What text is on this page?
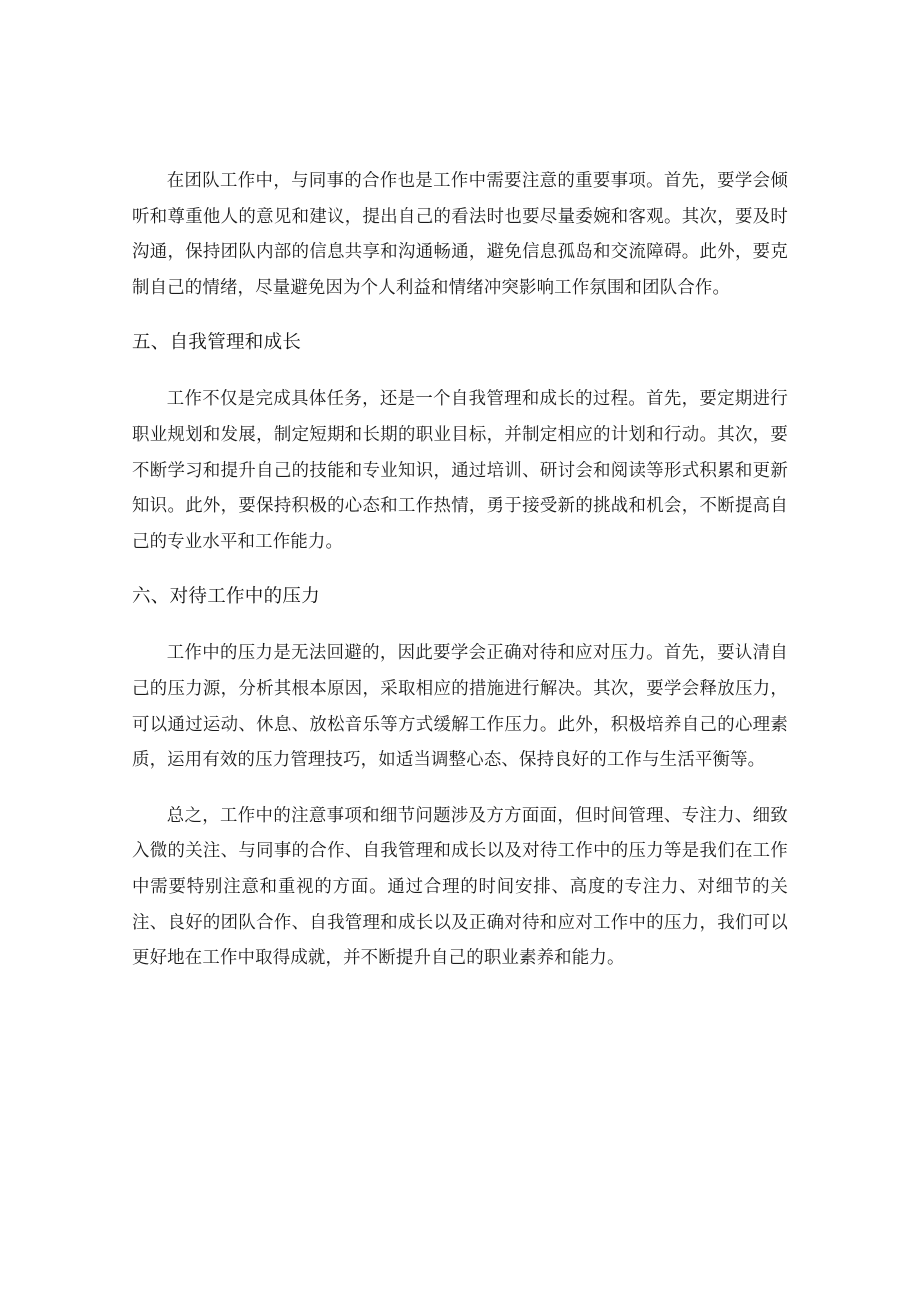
在团队工作中，与同事的合作也是工作中需要注意的重要事项。首先，要学会倾听和尊重他人的意见和建议，提出自己的看法时也要尽量委婉和客观。其次，要及时沟通，保持团队内部的信息共享和沟通畅通，避免信息孤岛和交流障碍。此外，要克制自己的情绪，尽量避免因为个人利益和情绪冲突影响工作氛围和团队合作。

五、自我管理和成长

工作不仅是完成具体任务，还是一个自我管理和成长的过程。首先，要定期进行职业规划和发展，制定短期和长期的职业目标，并制定相应的计划和行动。其次，要不断学习和提升自己的技能和专业知识，通过培训、研讨会和阅读等形式积累和更新知识。此外，要保持积极的心态和工作热情，勇于接受新的挑战和机会，不断提高自己的专业水平和工作能力。

六、对待工作中的压力

工作中的压力是无法回避的，因此要学会正确对待和应对压力。首先，要认清自己的压力源，分析其根本原因，采取相应的措施进行解决。其次，要学会释放压力，可以通过运动、休息、放松音乐等方式缓解工作压力。此外，积极培养自己的心理素质，运用有效的压力管理技巧，如适当调整心态、保持良好的工作与生活平衡等。

总之，工作中的注意事项和细节问题涉及方方面面，但时间管理、专注力、细致入微的关注、与同事的合作、自我管理和成长以及对待工作中的压力等是我们在工作中需要特别注意和重视的方面。通过合理的时间安排、高度的专注力、对细节的关注、良好的团队合作、自我管理和成长以及正确对待和应对工作中的压力，我们可以更好地在工作中取得成就，并不断提升自己的职业素养和能力。
